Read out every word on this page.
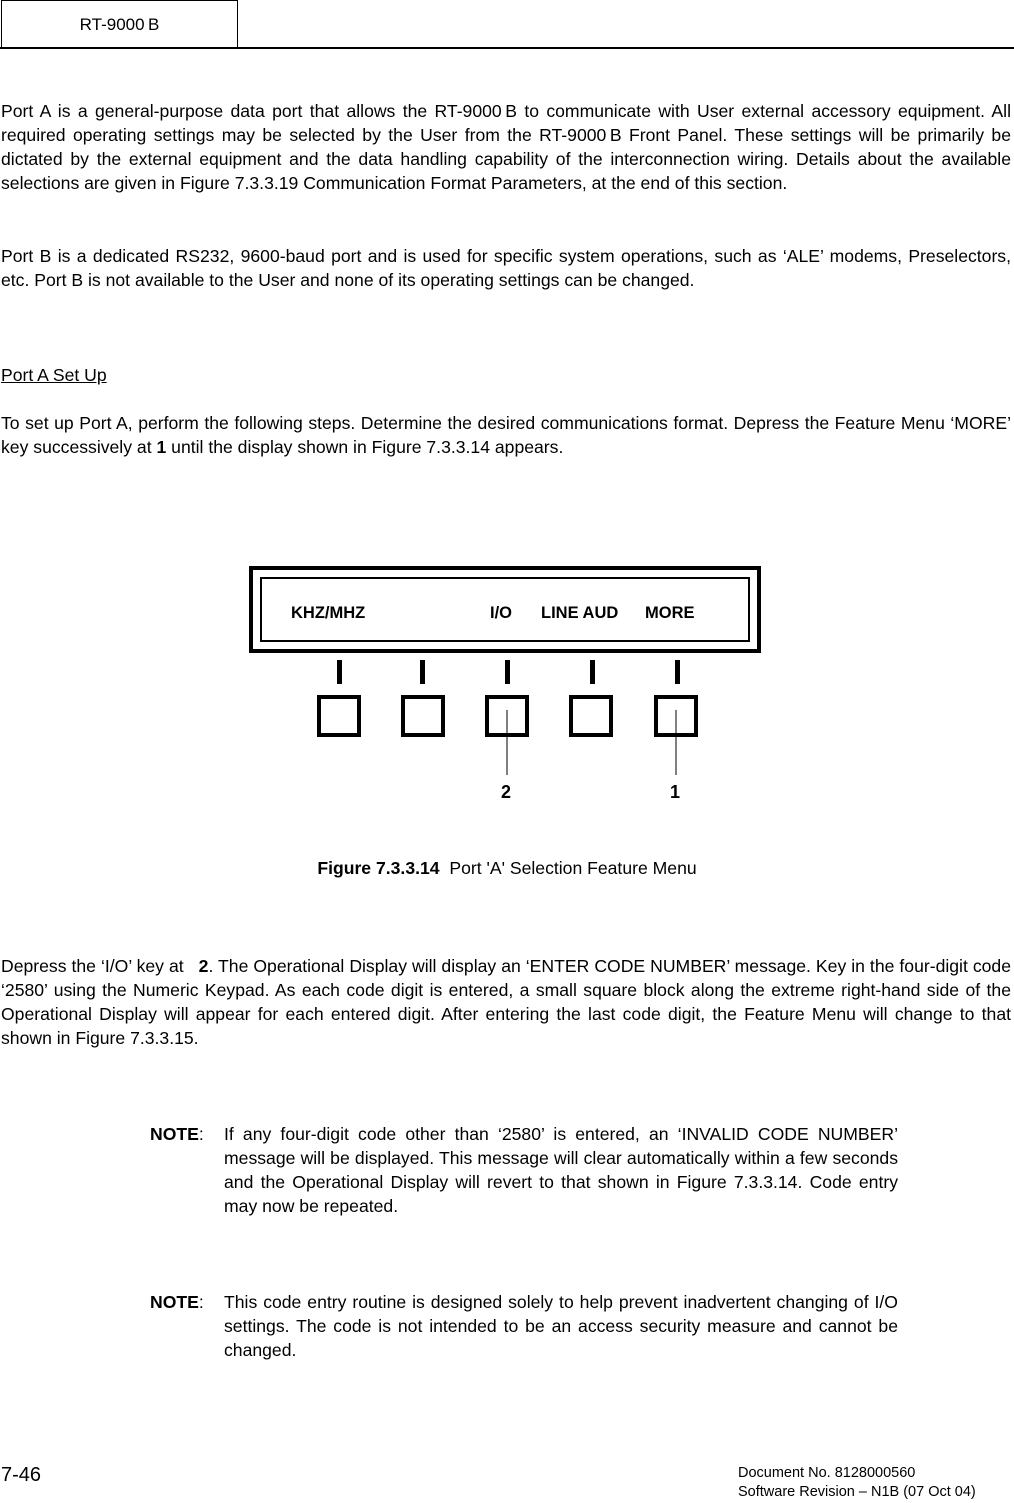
RT-9000 B

Port A is a general-purpose data port that allows the RT-9000 B to communicate with User external accessory equipment. All required operating settings may be selected by the User from the RT-9000 B Front Panel. These settings will be primarily be dictated by the external equipment and the data handling capability of the interconnection wiring. Details about the available selections are given in Figure 7.3.3.19 Communication Format Parameters, at the end of this section.

Port B is a dedicated RS232, 9600-baud port and is used for specific system operations, such as ‘ALE’ modems, Preselectors, etc. Port B is not available to the User and none of its operating settings can be changed.

Port A Set Up

To set up Port A, perform the following steps. Determine the desired communications format. Depress the Feature Menu ‘MORE’ key successively at 1 until the display shown in Figure 7.3.3.14 appears.

KHZ/MHZ	I/O LINE AUD MORE
2	1
Figure 7.3.3.14 Port 'A' Selection Feature Menu

Depress the ‘I/O’ key at   2. The Operational Display will display an ‘ENTER CODE NUMBER’ message. Key in the four-digit code ‘2580’ using the Numeric Keypad. As each code digit is entered, a small square block along the extreme right-hand side of the Operational Display will appear for each entered digit. After entering the last code digit, the Feature Menu will change to that shown in Figure 7.3.3.15.

NOTE:	If any four-digit code other than ‘2580’ is entered, an ‘INVALID CODE NUMBER’ message will be displayed. This message will clear automatically within a few seconds and the Operational Display will revert to that shown in Figure 7.3.3.14. Code entry may now be repeated.
NOTE:	This code entry routine is designed solely to help prevent inadvertent changing of I/O settings. The code is not intended to be an access security measure and cannot be changed.
7-46	Document No. 8128000560
Software Revision – N1B (07 Oct 04)
